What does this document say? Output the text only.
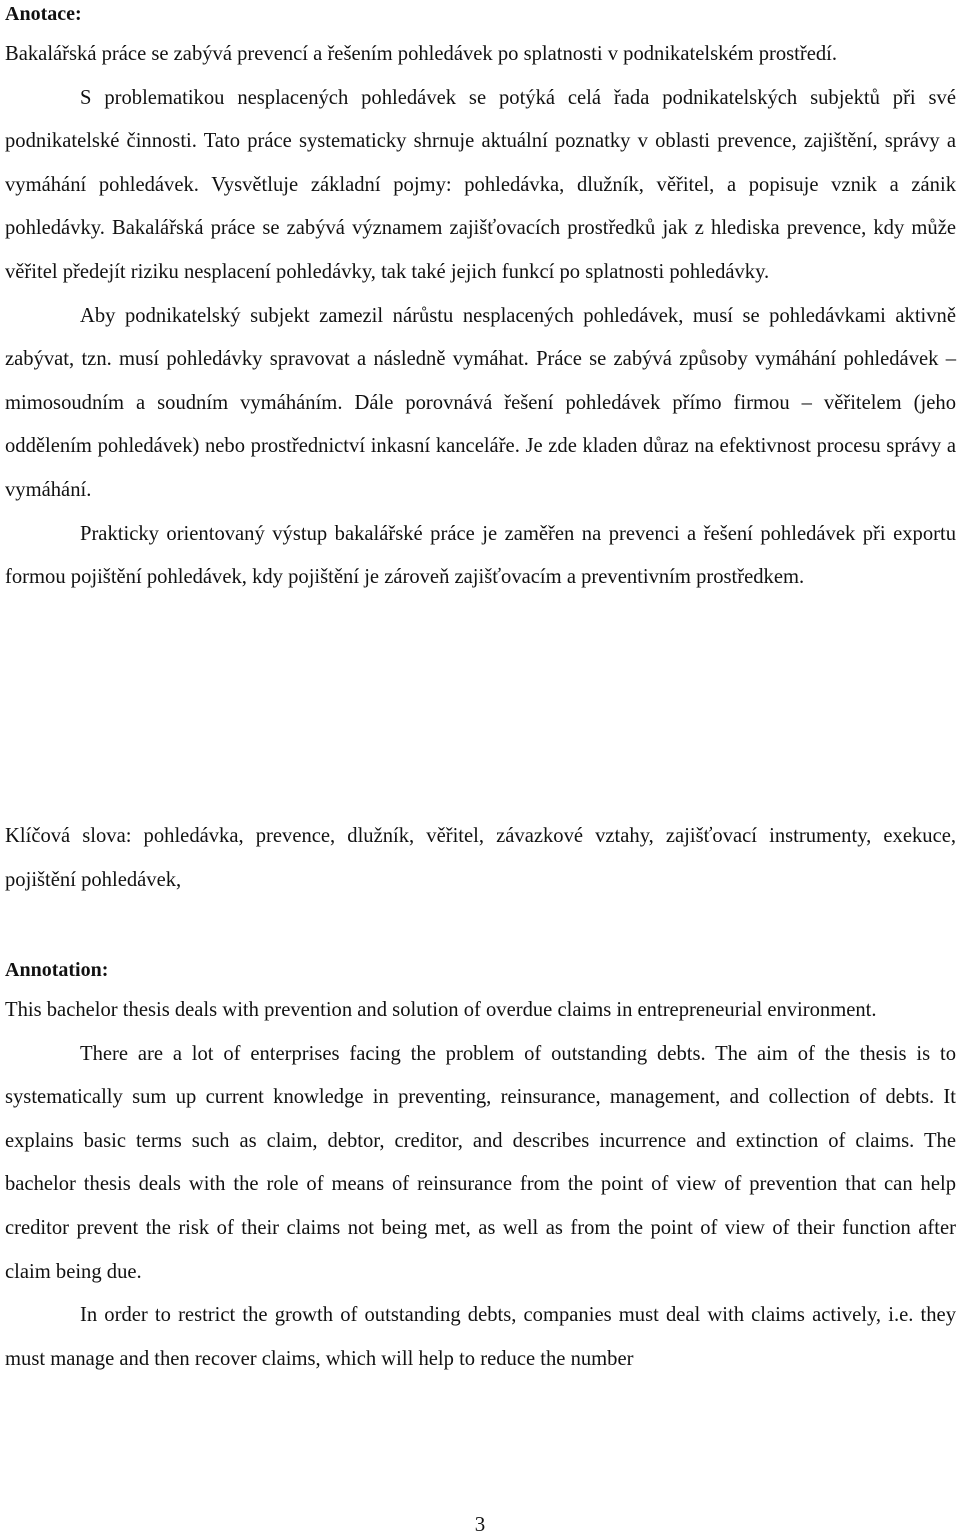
Anotace:

Bakalářská práce se zabývá prevencí a řešením pohledávek po splatnosti v podnikatelském prostředí.

S problematikou nesplacených pohledávek se potýká celá řada podnikatelských subjektů při své podnikatelské činnosti. Tato práce systematicky shrnuje aktuální poznatky v oblasti prevence, zajištění, správy a vymáhání pohledávek. Vysvětluje základní pojmy: pohledávka, dlužník, věřitel, a popisuje vznik a zánik pohledávky. Bakalářská práce se zabývá významem zajišťovacích prostředků jak z hlediska prevence, kdy může věřitel předejít riziku nesplacení pohledávky, tak také jejich funkcí po splatnosti pohledávky.

Aby podnikatelský subjekt zamezil nárůstu nesplacených pohledávek, musí se pohledávkami aktivně zabývat, tzn. musí pohledávky spravovat a následně vymáhat. Práce se zabývá způsoby vymáhání pohledávek – mimosoudním a soudním vymáháním. Dále porovnává řešení pohledávek přímo firmou – věřitelem (jeho oddělením pohledávek) nebo prostřednictví inkasní kanceláře. Je zde kladen důraz na efektivnost procesu správy a vymáhání.

Prakticky orientovaný výstup bakalářské práce je zaměřen na prevenci a řešení pohledávek při exportu formou pojištění pohledávek, kdy pojištění je zároveň zajišťovacím a preventivním prostředkem.

Klíčová slova: pohledávka, prevence, dlužník, věřitel, závazkové vztahy, zajišťovací instrumenty, exekuce, pojištění pohledávek,

Annotation:

This bachelor thesis deals with prevention and solution of overdue claims in entrepreneurial environment.

There are a lot of enterprises facing the problem of outstanding debts. The aim of the thesis is to systematically sum up current knowledge in preventing, reinsurance, management, and collection of debts. It explains basic terms such as claim, debtor, creditor, and describes incurrence and extinction of claims. The bachelor thesis deals with the role of means of reinsurance from the point of view of prevention that can help creditor prevent the risk of their claims not being met, as well as from the point of view of their function after claim being due.

In order to restrict the growth of outstanding debts, companies must deal with claims actively, i.e. they must manage and then recover claims, which will help to reduce the number

3
